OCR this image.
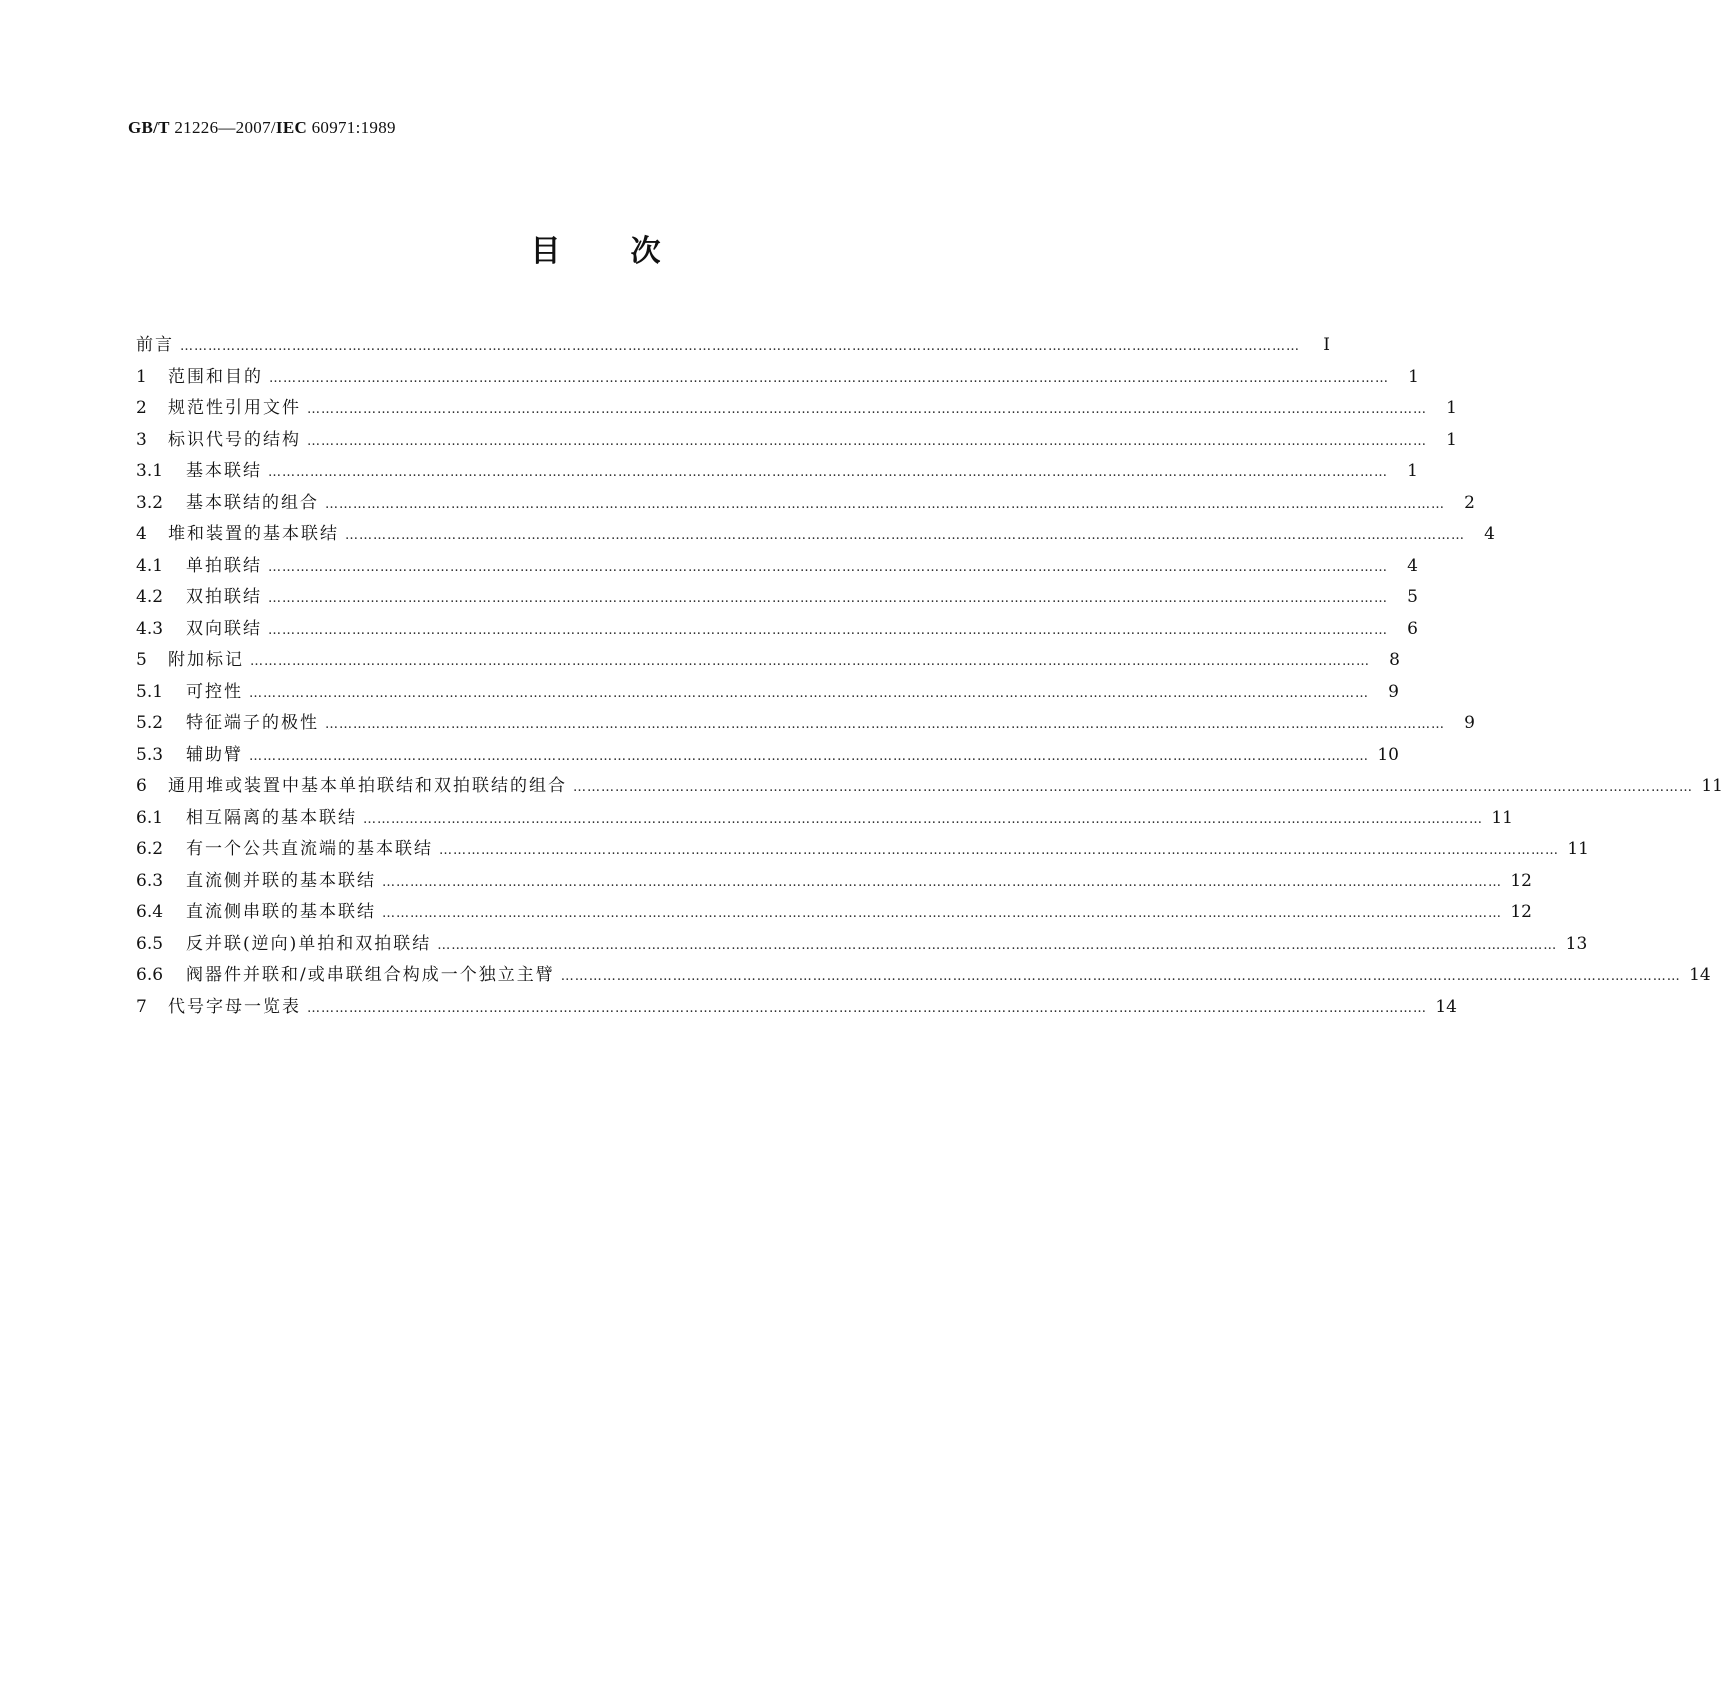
GB/T 21226—2007/IEC 60971:1989
目次
前言 ……………………………………………………………………………………………………………………………………………………………………………………………………………………	I
1	范围和目的 ……………………………………………………………………………………………………………………………………………………………………………………………………………………	1
2	规范性引用文件 ……………………………………………………………………………………………………………………………………………………………………………………………………………………	1
3	标识代号的结构 ……………………………………………………………………………………………………………………………………………………………………………………………………………………	1
3.1	基本联结 ……………………………………………………………………………………………………………………………………………………………………………………………………………………	1
3.2	基本联结的组合 ……………………………………………………………………………………………………………………………………………………………………………………………………………………	2
4	堆和装置的基本联结 ……………………………………………………………………………………………………………………………………………………………………………………………………………………	4
4.1	单拍联结 ……………………………………………………………………………………………………………………………………………………………………………………………………………………	4
4.2	双拍联结 ……………………………………………………………………………………………………………………………………………………………………………………………………………………	5
4.3	双向联结 ……………………………………………………………………………………………………………………………………………………………………………………………………………………	6
5	附加标记 ……………………………………………………………………………………………………………………………………………………………………………………………………………………	8
5.1	可控性 ……………………………………………………………………………………………………………………………………………………………………………………………………………………	9
5.2	特征端子的极性 ……………………………………………………………………………………………………………………………………………………………………………………………………………………	9
5.3	辅助臂 …………………………………………………………………………………………………………………………………………………………………………………………………………………… 10
6	通用堆或装置中基本单拍联结和双拍联结的组合 …………………………………………………………………………………………………………………………………………………………………………………………………………………… 11
6.1	相互隔离的基本联结 …………………………………………………………………………………………………………………………………………………………………………………………………………………… 11
6.2	有一个公共直流端的基本联结 …………………………………………………………………………………………………………………………………………………………………………………………………………………… 11
6.3	直流侧并联的基本联结 …………………………………………………………………………………………………………………………………………………………………………………………………………………… 12
6.4	直流侧串联的基本联结 …………………………………………………………………………………………………………………………………………………………………………………………………………………… 12
6.5	反并联(逆向)单拍和双拍联结 …………………………………………………………………………………………………………………………………………………………………………………………………………………… 13
6.6	阀器件并联和/或串联组合构成一个独立主臂 …………………………………………………………………………………………………………………………………………………………………………………………………………………… 14
7	代号字母一览表 …………………………………………………………………………………………………………………………………………………………………………………………………………………… 14
